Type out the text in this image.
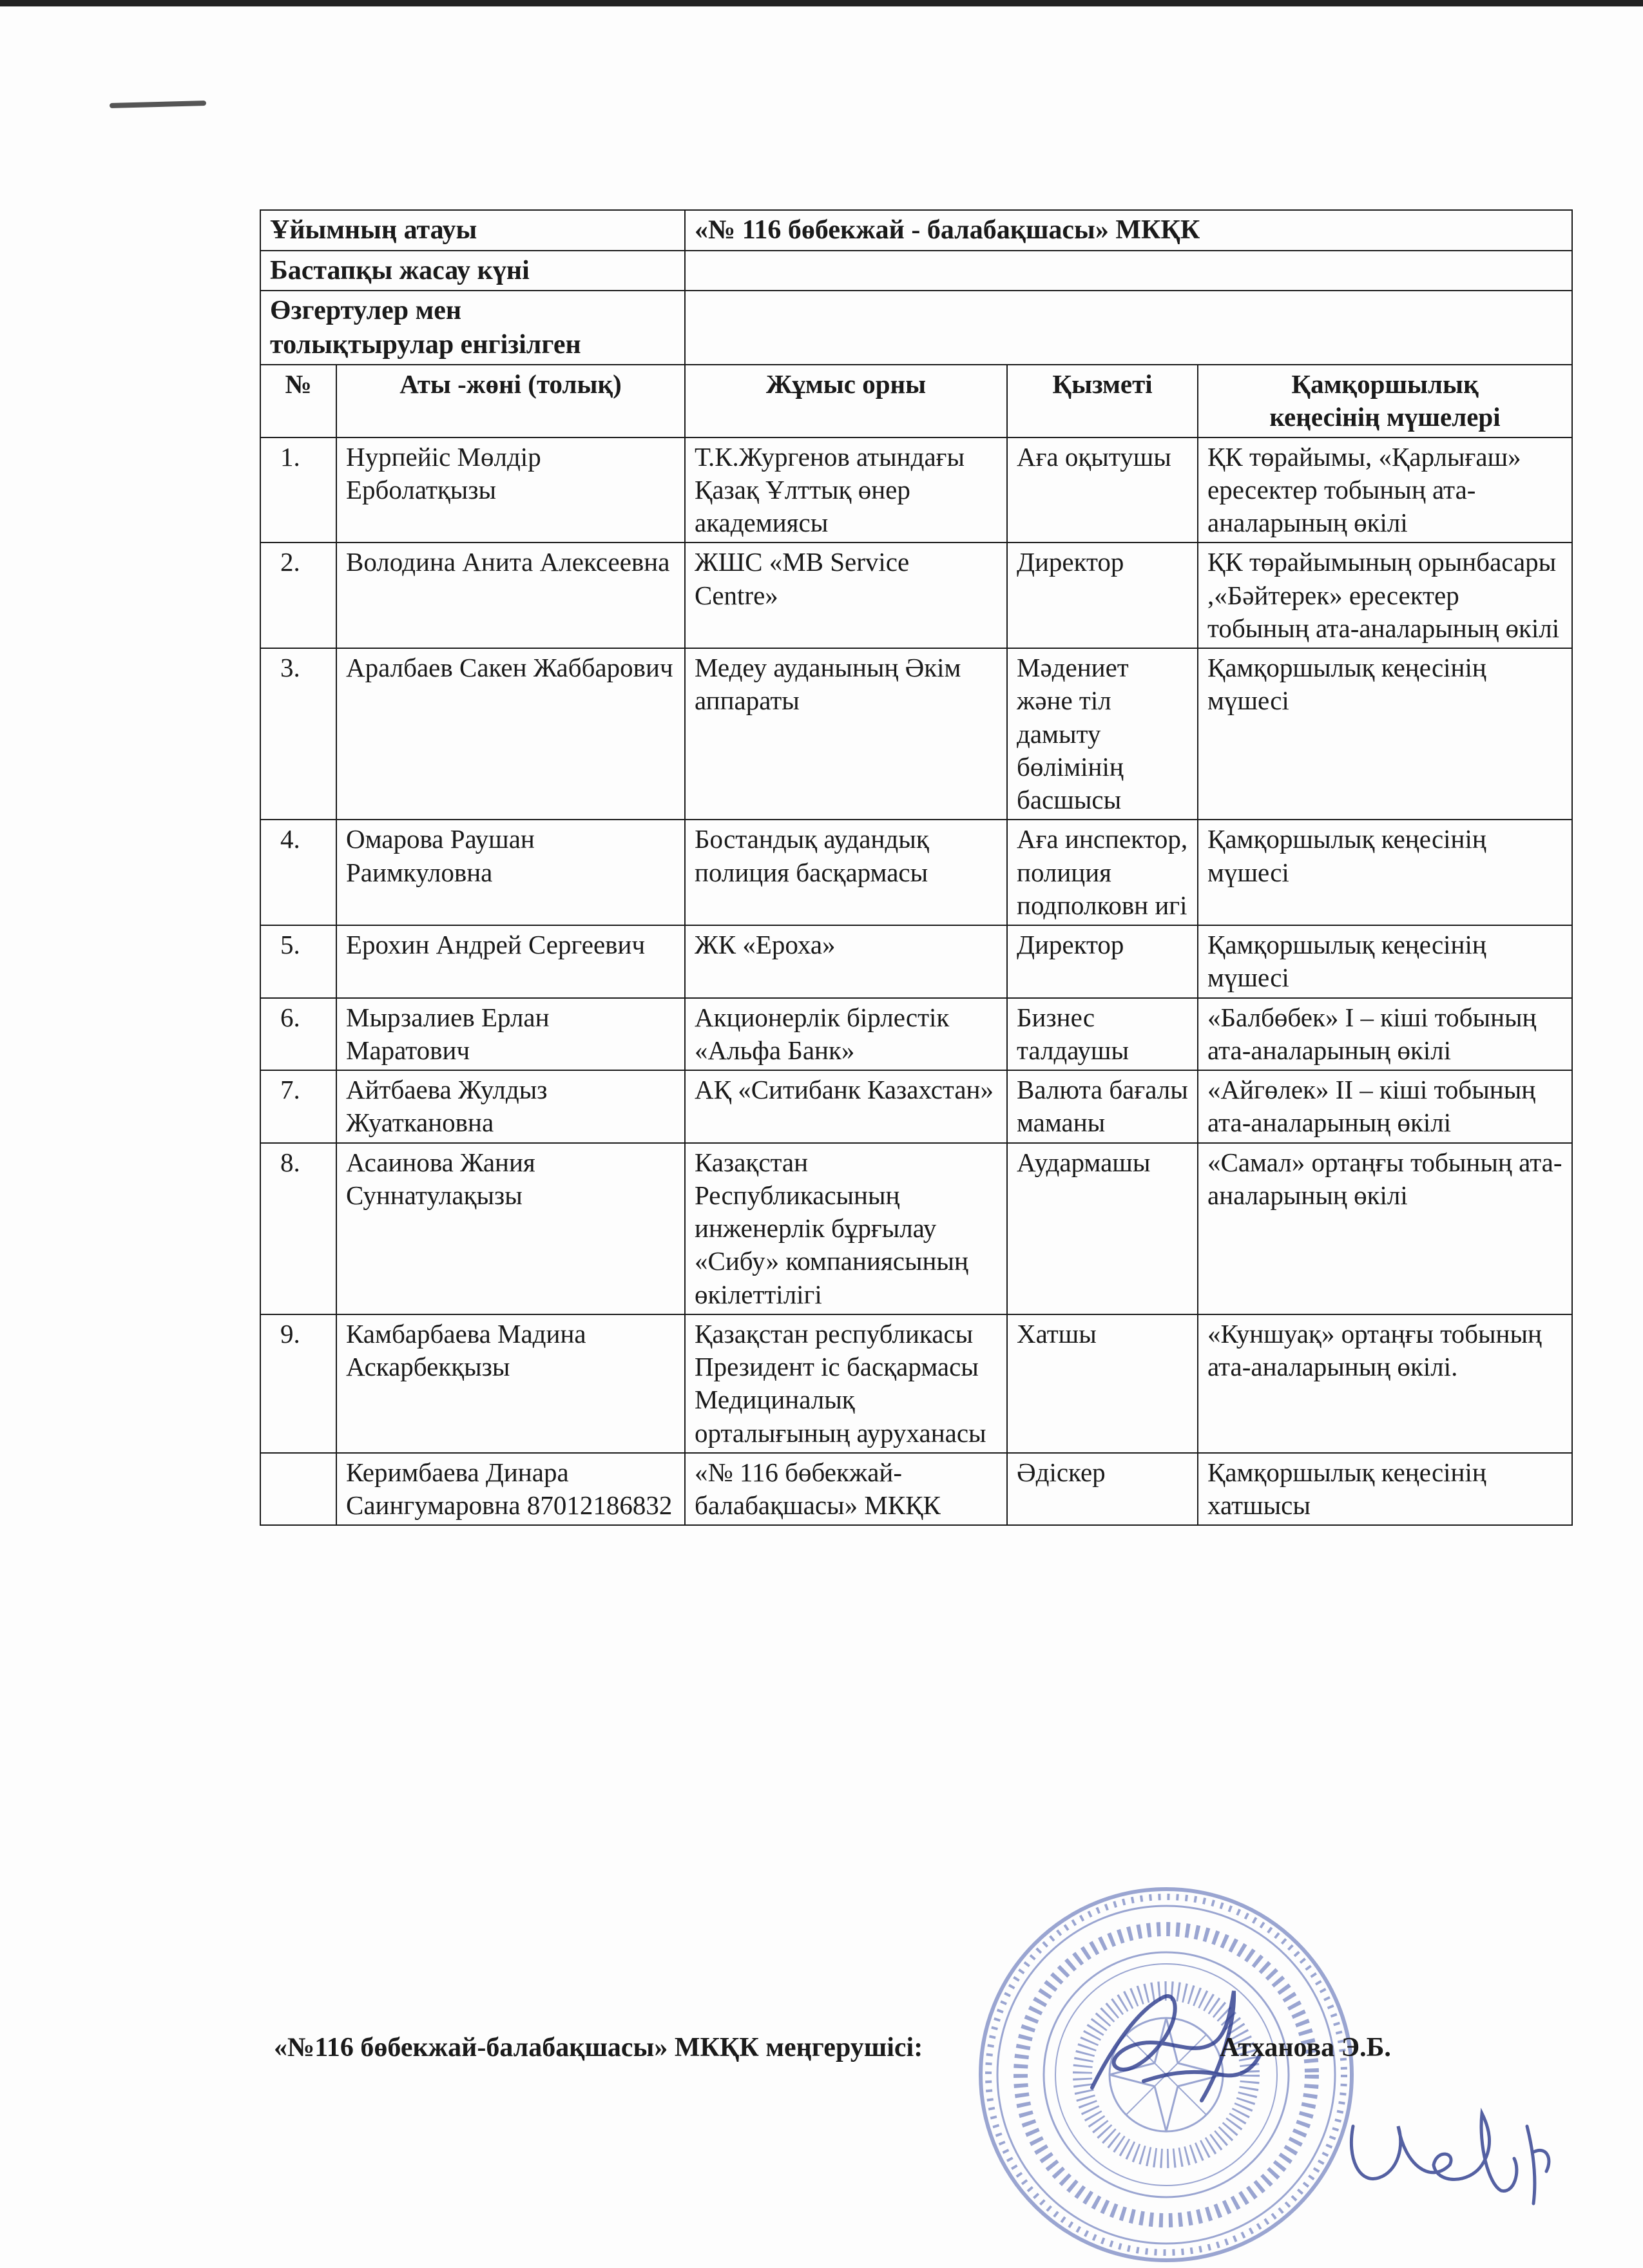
Ұйымның атауы		«№ 116 бөбекжай - балабақшасы» МКҚК		
Бастапқы жасау күні				

Өзгертулер мен
толықтырулар енгізілген				

№	Аты -жөні (толық)	Жұмыс орны	Қызметі	Қамқоршылық
кеңесінің мүшелері

1.	Нурпейіс Мөлдір Ерболатқызы	Т.К.Жургенов атындағы Қазақ Ұлттық өнер академиясы	Аға оқытушы	ҚК төрайымы, «Қарлығаш» ересектер тобының ата-аналарының өкілі
2.	Володина Анита Алексеевна	ЖШС «MB Service Centre»	Директор	ҚК төрайымының орынбасары ,«Бәйтерек» ересектер тобының ата-аналарының өкілі
3.	Аралбаев Сакен Жаббарович	Медеу ауданының Әкім аппараты	Мәдениет және тіл дамыту бөлімінің басшысы	Қамқоршылық кеңесінің мүшесі
4.	Омарова Раушан Раимкуловна	Бостандық аудандық полиция басқармасы	Аға инспектор, полиция подполковн игі	Қамқоршылық кеңесінің мүшесі
5.	Ерохин Андрей Сергеевич	ЖК «Ероха»	Директор	Қамқоршылық кеңесінің мүшесі
6.	Мырзалиев Ерлан Маратович	Акционерлік бірлестік «Альфа Банк»	Бизнес талдаушы	«Балбөбек» I – кіші тобының ата-аналарының өкілі
7.	Айтбаева Жулдыз Жуаткановна	АҚ «Ситибанк Казахстан»	Валюта бағалы маманы	«Айгөлек» II – кіші тобының ата-аналарының өкілі
8.	Асаинова Жания Суннатулақызы	Казақстан Республикасының инженерлік бұрғылау «Сибу» компаниясының өкілеттілігі	Аудармашы	«Самал» ортаңғы тобының ата-аналарының өкілі
9.	Камбарбаева Мадина Аскарбекқызы	Қазақстан республикасы Президент іс басқармасы Медициналық орталығының ауруханасы	Хатшы	«Куншуақ» ортаңғы тобының ата-аналарының өкілі.
	Керимбаева Динара Саингумаровна 87012186832	«№ 116 бөбекжай-балабақшасы» МКҚК	Әдіскер	Қамқоршылық кеңесінің хатшысы
«№116 бөбекжай-балабақшасы» МКҚК меңгерушісі:	Атханова Э.Б.
